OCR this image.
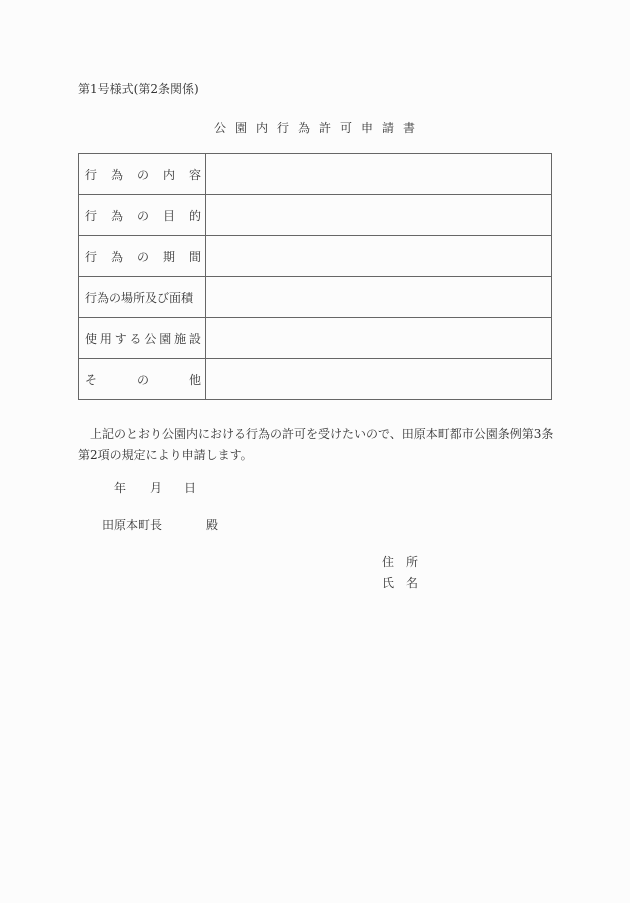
第1号様式(第2条関係)
公園内行為許可申請書
行 為 の 内 容	

行 為 の 目 的	

行 為 の 期 間	

行為の場所及び面積	

使 用 す る 公 園 施 設

そ の 他	

上記のとおり公園内における行為の許可を受けたいので、田原本町都市公園条例第3条第2項の規定により申請します。
年 月 日
田原本町長	殿
住 所
氏 名
